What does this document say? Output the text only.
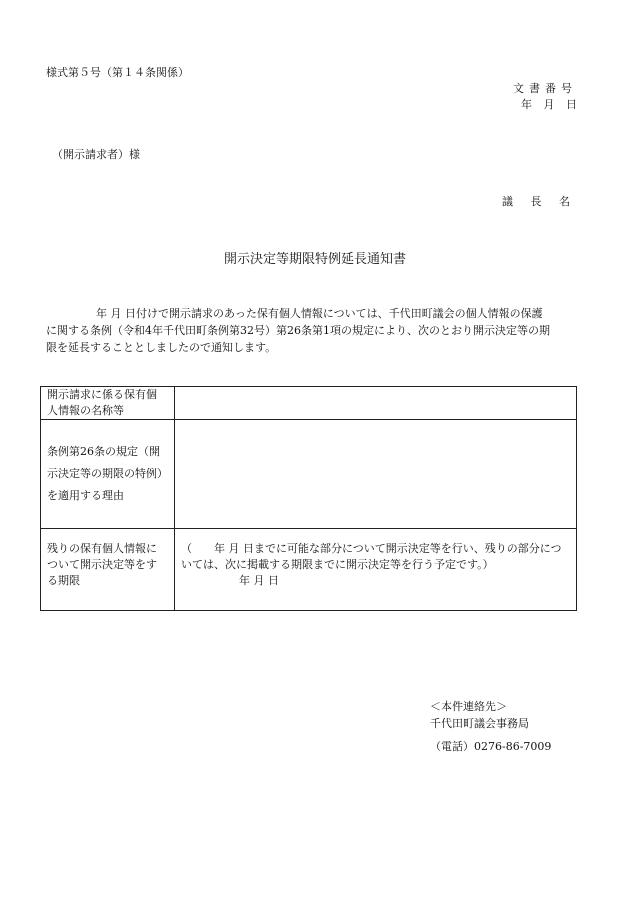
様式第５号（第１４条関係）
文書番号
年 月 日
（開示請求者）様
議 長 名
開示決定等期限特例延長通知書
年 月 日付けで開示請求のあった保有個人情報については、千代田町議会の個人情報の保護
に関する条例（令和4年千代田町条例第32号）第26条第1項の規定により、次のとおり開示決定等の期
限を延長することとしましたので通知します。
開示請求に係る保有個
人情報の名称等	

条例第26条の規定（開
示決定等の期限の特例）
を適用する理由	

残りの保有個人情報に
ついて開示決定等をす
る期限	（　　年 月 日までに可能な部分について開示決定等を行い、残りの部分につ
いては、次に掲載する期限までに開示決定等を行う予定です。）
年 月 日
＜本件連絡先＞
千代田町議会事務局
（電話）0276-86-7009
